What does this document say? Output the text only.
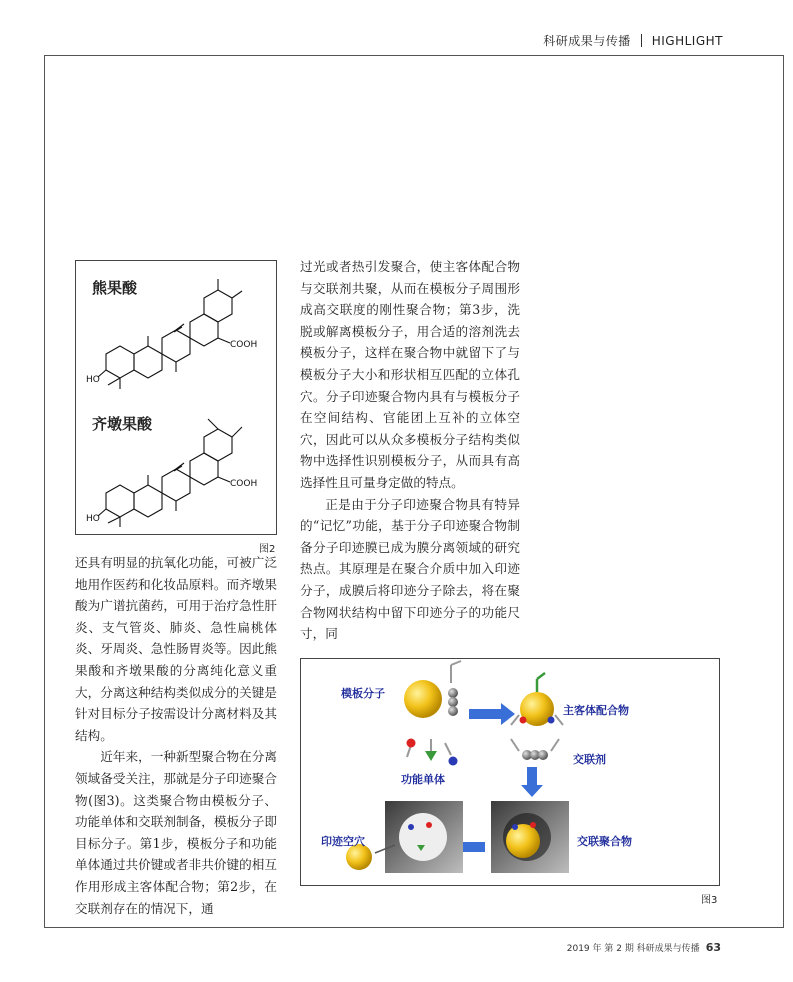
科研成果与传播 HIGHLIGHT
熊果酸
COOH
HO
齐墩果酸
COOH
HO
图2

还具有明显的抗氧化功能，可被广泛地用作医药和化妆品原料。而齐墩果酸为广谱抗菌药，可用于治疗急性肝炎、支气管炎、肺炎、急性扁桃体炎、牙周炎、急性肠胃炎等。因此熊果酸和齐墩果酸的分离纯化意义重大，分离这种结构类似成分的关键是针对目标分子按需设计分离材料及其结构。

近年来，一种新型聚合物在分离领域备受关注，那就是分子印迹聚合物(图3)。这类聚合物由模板分子、功能单体和交联剂制备，模板分子即目标分子。第1步，模板分子和功能单体通过共价键或者非共价键的相互作用形成主客体配合物；第2步，在交联剂存在的情况下，通

过光或者热引发聚合，使主客体配合物与交联剂共聚，从而在模板分子周围形成高交联度的刚性聚合物；第3步，洗脱或解离模板分子，用合适的溶剂洗去模板分子，这样在聚合物中就留下了与模板分子大小和形状相互匹配的立体孔穴。分子印迹聚合物内具有与模板分子在空间结构、官能团上互补的立体空穴，因此可以从众多模板分子结构类似物中选择性识别模板分子，从而具有高选择性且可量身定做的特点。

正是由于分子印迹聚合物具有特异的“记忆”功能，基于分子印迹聚合物制备分子印迹膜已成为膜分离领域的研究热点。其原理是在聚合介质中加入印迹分子，成膜后将印迹分子除去，将在聚合物网状结构中留下印迹分子的功能尺寸，同

模板分子
主客体配合物
功能单体
交联剂
交联聚合物
印迹空穴
图3
2019 年 第 2 期 科研成果与传播 63
